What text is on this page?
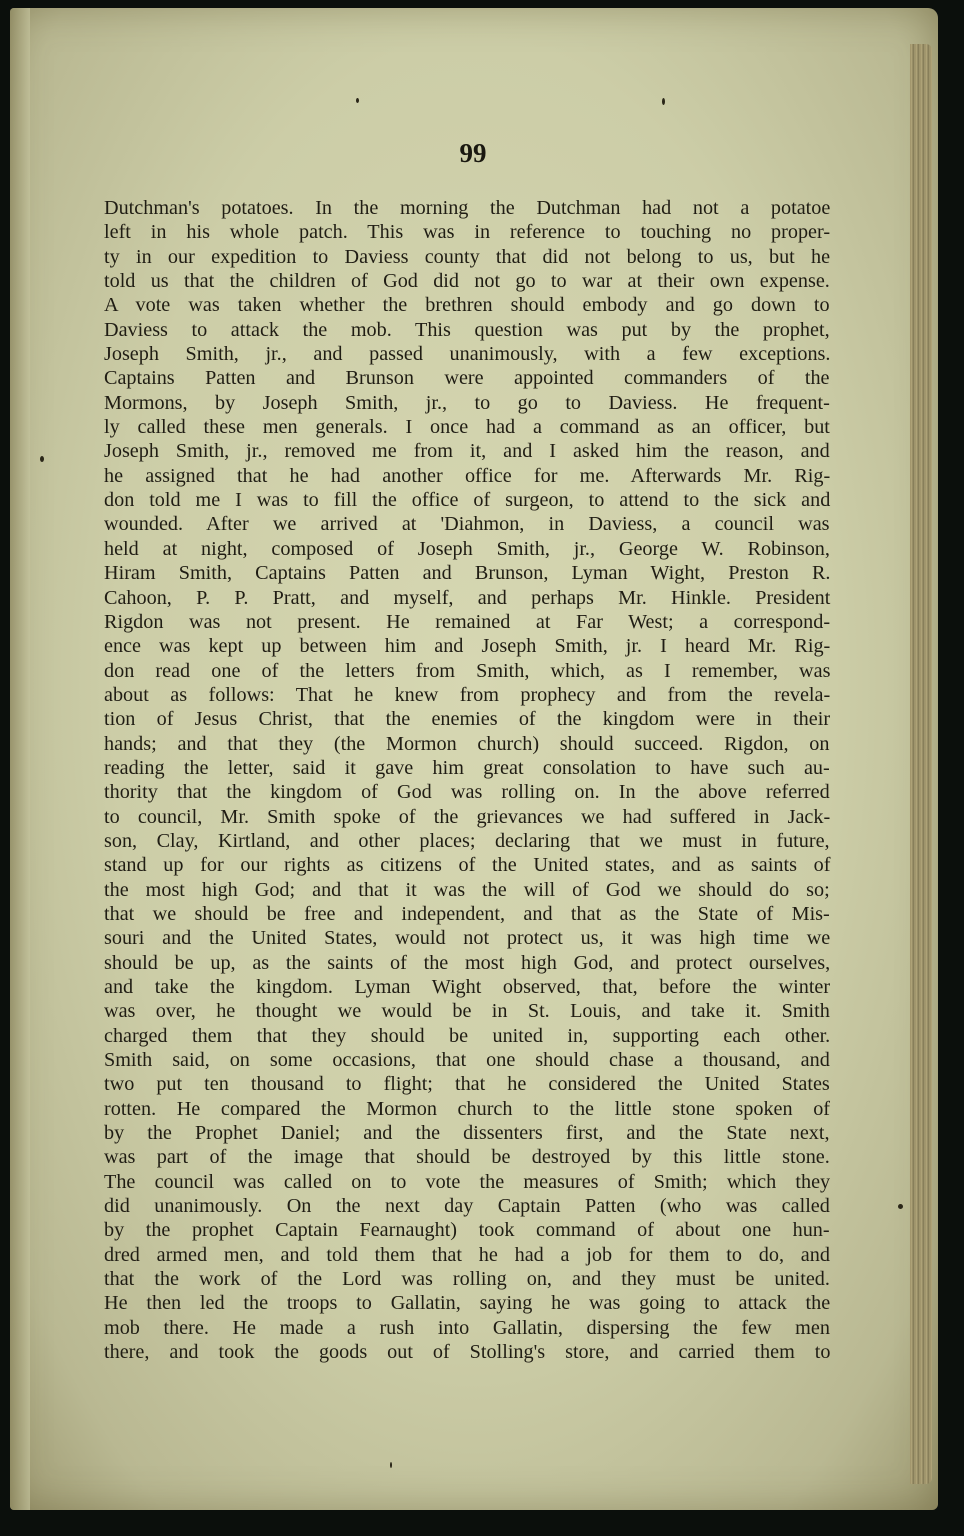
99
Dutchman's potatoes. In the morning the Dutchman had not a potatoe
left in his whole patch. This was in reference to touching no proper-
ty in our expedition to Daviess county that did not belong to us, but he
told us that the children of God did not go to war at their own expense.
A vote was taken whether the brethren should embody and go down to
Daviess to attack the mob. This question was put by the prophet,
Joseph Smith, jr., and passed unanimously, with a few exceptions.
Captains Patten and Brunson were appointed commanders of the
Mormons, by Joseph Smith, jr., to go to Daviess. He frequent-
ly called these men generals. I once had a command as an officer, but
Joseph Smith, jr., removed me from it, and I asked him the reason, and
he assigned that he had another office for me. Afterwards Mr. Rig-
don told me I was to fill the office of surgeon, to attend to the sick and
wounded. After we arrived at 'Diahmon, in Daviess, a council was
held at night, composed of Joseph Smith, jr., George W. Robinson,
Hiram Smith, Captains Patten and Brunson, Lyman Wight, Preston R.
Cahoon, P. P. Pratt, and myself, and perhaps Mr. Hinkle. President
Rigdon was not present. He remained at Far West; a correspond-
ence was kept up between him and Joseph Smith, jr. I heard Mr. Rig-
don read one of the letters from Smith, which, as I remember, was
about as follows: That he knew from prophecy and from the revela-
tion of Jesus Christ, that the enemies of the kingdom were in their
hands; and that they (the Mormon church) should succeed. Rigdon, on
reading the letter, said it gave him great consolation to have such au-
thority that the kingdom of God was rolling on. In the above referred
to council, Mr. Smith spoke of the grievances we had suffered in Jack-
son, Clay, Kirtland, and other places; declaring that we must in future,
stand up for our rights as citizens of the United states, and as saints of
the most high God; and that it was the will of God we should do so;
that we should be free and independent, and that as the State of Mis-
souri and the United States, would not protect us, it was high time we
should be up, as the saints of the most high God, and protect ourselves,
and take the kingdom. Lyman Wight observed, that, before the winter
was over, he thought we would be in St. Louis, and take it. Smith
charged them that they should be united in, supporting each other.
Smith said, on some occasions, that one should chase a thousand, and
two put ten thousand to flight; that he considered the United States
rotten. He compared the Mormon church to the little stone spoken of
by the Prophet Daniel; and the dissenters first, and the State next,
was part of the image that should be destroyed by this little stone.
The council was called on to vote the measures of Smith; which they
did unanimously. On the next day Captain Patten (who was called
by the prophet Captain Fearnaught) took command of about one hun-
dred armed men, and told them that he had a job for them to do, and
that the work of the Lord was rolling on, and they must be united.
He then led the troops to Gallatin, saying he was going to attack the
mob there. He made a rush into Gallatin, dispersing the few men
there, and took the goods out of Stolling's store, and carried them to
